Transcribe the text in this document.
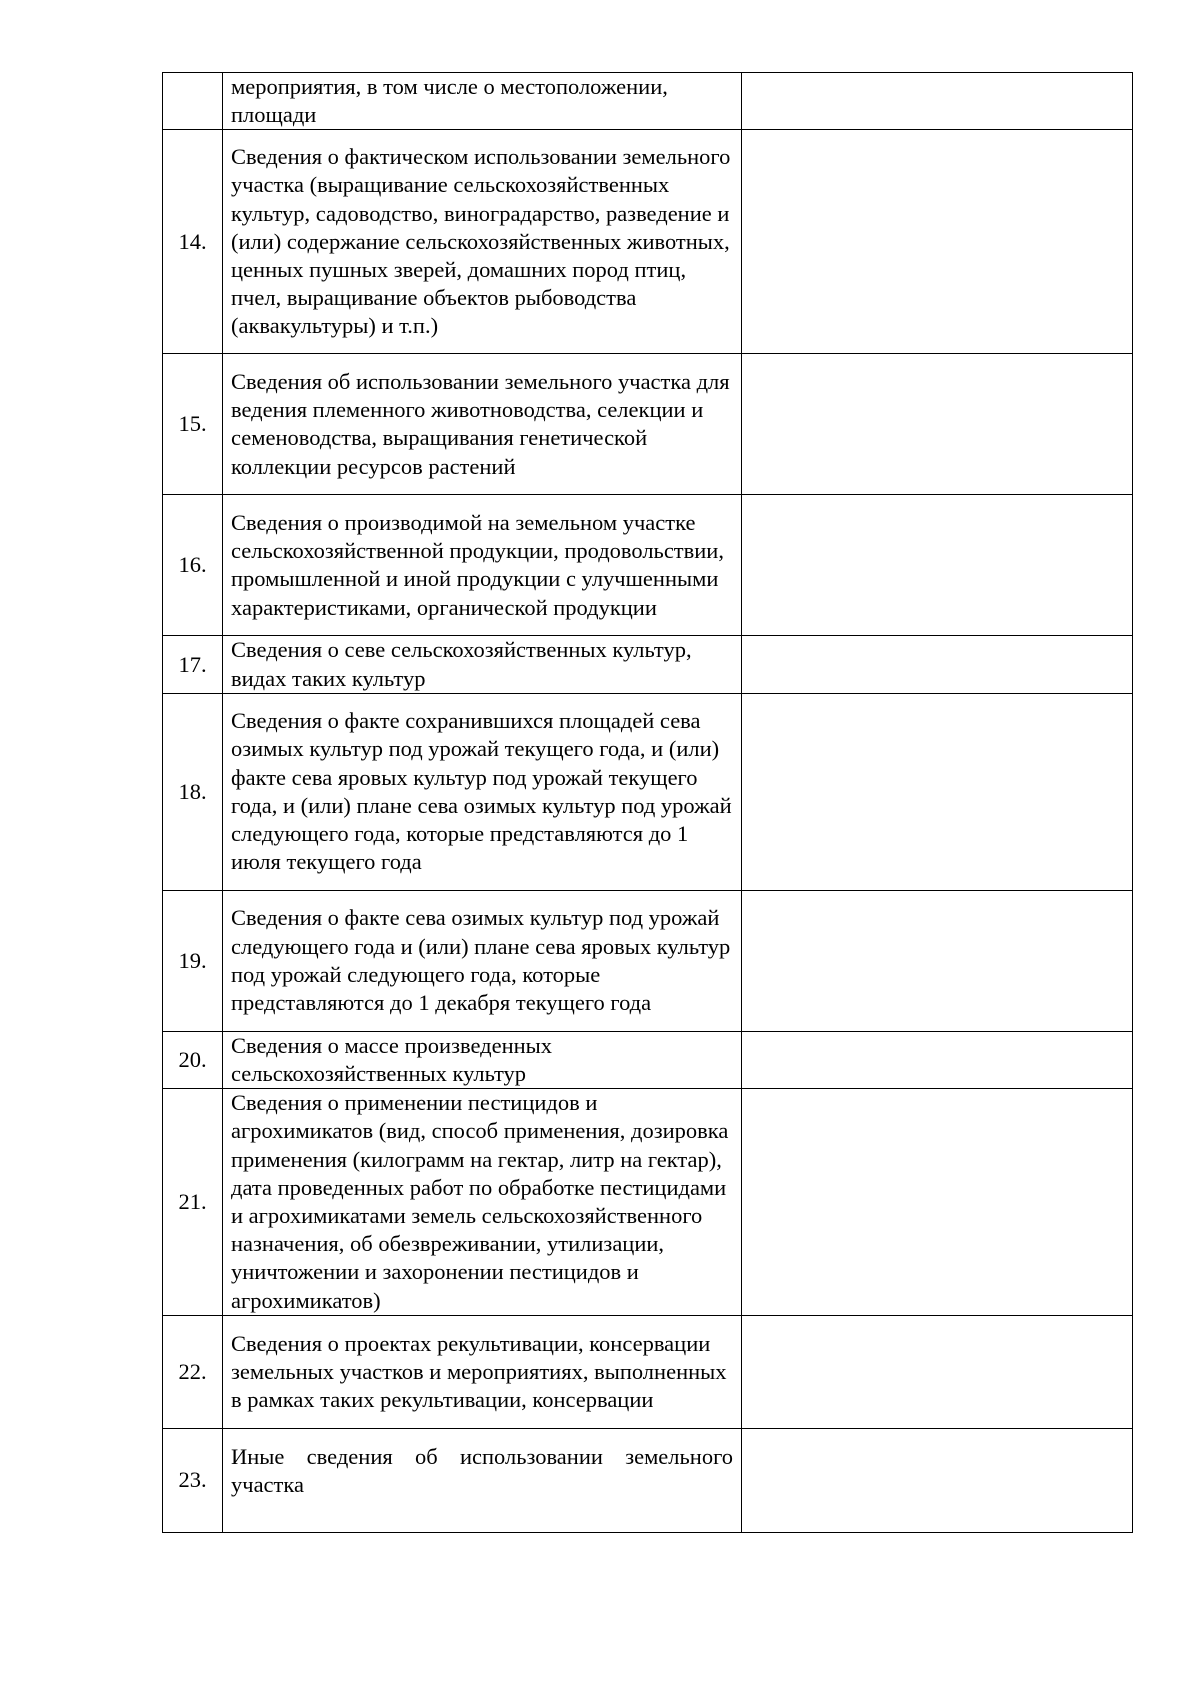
	мероприятия, в том числе о местоположении, площади	
14.	Сведения о фактическом использовании земельного участка (выращивание сельскохозяйственных культур, садоводство, виноградарство, разведение и (или) содержание сельскохозяйственных животных, ценных пушных зверей, домашних пород птиц, пчел, выращивание объектов рыбоводства (аквакультуры) и т.п.)	
15.	Сведения об использовании земельного участка для ведения племенного животноводства, селекции и семеноводства, выращивания генетической коллекции ресурсов растений	
16.	Сведения о производимой на земельном участке сельскохозяйственной продукции, продовольствии, промышленной и иной продукции с улучшенными характеристиками, органической продукции	
17.	Сведения о севе сельскохозяйственных культур, видах таких культур	
18.	Сведения о факте сохранившихся площадей сева озимых культур под урожай текущего года, и (или) факте сева яровых культур под урожай текущего года, и (или) плане сева озимых культур под урожай следующего года, которые представляются до 1 июля текущего года	
19.	Сведения о факте сева озимых культур под урожай следующего года и (или) плане сева яровых культур под урожай следующего года, которые представляются до 1 декабря текущего года	
20.	Сведения о массе произведенных сельскохозяйственных культур	
21.	Сведения о применении пестицидов и агрохимикатов (вид, способ применения, дозировка применения (килограмм на гектар, литр на гектар), дата проведенных работ по обработке пестицидами и агрохимикатами земель сельскохозяйственного назначения, об обезвреживании, утилизации, уничтожении и захоронении пестицидов и агрохимикатов)	
22.	Сведения о проектах рекультивации, консервации земельных участков и мероприятиях, выполненных в рамках таких рекультивации, консервации	
23.	Иные сведения об использовании земельного участка	
